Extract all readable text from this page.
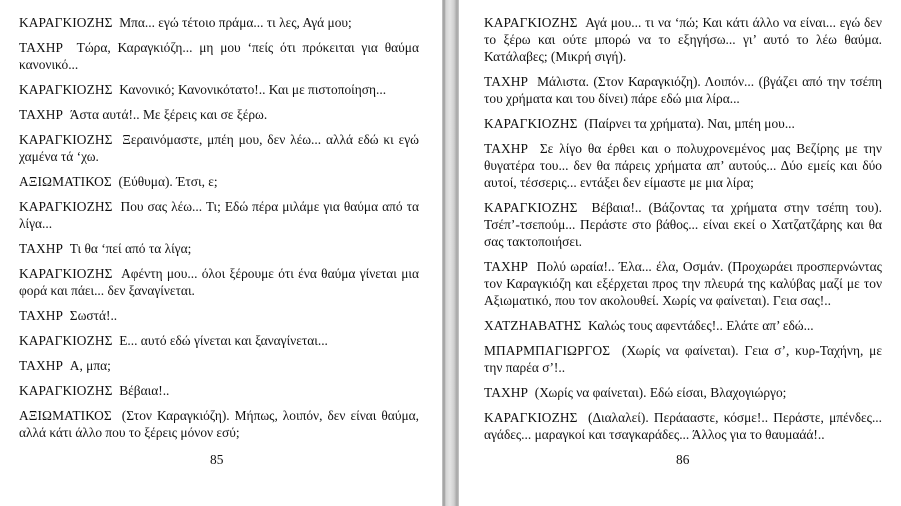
ΚΑΡΑΓΚΙΟΖΗΣ Μπα... εγώ τέτοιο πράμα... τι λες, Αγά μου;

ΤΑΧΗΡ Τώρα, Καραγκιόζη... μη μου ‘πείς ότι πρόκειται για θαύμα κανονικό...

ΚΑΡΑΓΚΙΟΖΗΣ Κανονικό; Κανονικότατο!.. Και με πιστοποίηση...

ΤΑΧΗΡ Άστα αυτά!.. Με ξέρεις και σε ξέρω.

ΚΑΡΑΓΚΙΟΖΗΣ Ξεραινόμαστε, μπέη μου, δεν λέω... αλλά εδώ κι εγώ χαμένα τά ‘χω.

ΑΞΙΩΜΑΤΙΚΟΣ (Εύθυμα). Έτσι, ε;

ΚΑΡΑΓΚΙΟΖΗΣ Που σας λέω... Τι; Εδώ πέρα μιλάμε για θαύμα από τα λίγα...

ΤΑΧΗΡ Τι θα ‘πεί από τα λίγα;

ΚΑΡΑΓΚΙΟΖΗΣ Αφέντη μου... όλοι ξέρουμε ότι ένα θαύμα γίνεται μια φορά και πάει... δεν ξαναγίνεται.

ΤΑΧΗΡ Σωστά!..

ΚΑΡΑΓΚΙΟΖΗΣ Ε... αυτό εδώ γίνεται και ξαναγίνεται...

ΤΑΧΗΡ Α, μπα;

ΚΑΡΑΓΚΙΟΖΗΣ Βέβαια!..

ΑΞΙΩΜΑΤΙΚΟΣ (Στον Καραγκιόζη). Μήπως, λοιπόν, δεν είναι θαύμα, αλλά κάτι άλλο που το ξέρεις μόνον εσύ;

85

ΚΑΡΑΓΚΙΟΖΗΣ Αγά μου... τι να ‘πώ; Και κάτι άλλο να είναι... εγώ δεν το ξέρω και ούτε μπορώ να το εξηγήσω... γι’ αυτό το λέω θαύμα. Κατάλαβες; (Μικρή σιγή).

ΤΑΧΗΡ Μάλιστα. (Στον Καραγκιόζη). Λοιπόν... (βγάζει από την τσέπη του χρήματα και του δίνει) πάρε εδώ μια λίρα...

ΚΑΡΑΓΚΙΟΖΗΣ (Παίρνει τα χρήματα). Ναι, μπέη μου...

ΤΑΧΗΡ Σε λίγο θα έρθει και ο πολυχρονεμένος μας Βεζίρης με την θυγατέρα του... δεν θα πάρεις χρήματα απ’ αυτούς... Δύο εμείς και δύο αυτοί, τέσσερις... εντάξει δεν είμαστε με μια λίρα;

ΚΑΡΑΓΚΙΟΖΗΣ Βέβαια!.. (Βάζοντας τα χρήματα στην τσέπη του). Τσέπ’-τσεπούμ... Περάστε στο βάθος... είναι εκεί ο Χατζατζάρης και θα σας τακτοποιήσει.

ΤΑΧΗΡ Πολύ ωραία!.. Έλα... έλα, Οσμάν. (Προχωράει προσπερνώντας τον Καραγκιόζη και εξέρχεται προς την πλευρά της καλύβας μαζί με τον Αξιωματικό, που τον ακολουθεί. Χωρίς να φαίνεται). Γεια σας!..

ΧΑΤΖΗΑΒΑΤΗΣ Καλώς τους αφεντάδες!.. Ελάτε απ’ εδώ...

ΜΠΑΡΜΠΑΓΙΩΡΓΟΣ (Χωρίς να φαίνεται). Γεια σ’, κυρ-Ταχήνη, με την παρέα σ’!..

ΤΑΧΗΡ (Χωρίς να φαίνεται). Εδώ είσαι, Βλαχογιώργο;

ΚΑΡΑΓΚΙΟΖΗΣ (Διαλαλεί). Περάααστε, κόσμε!.. Περάστε, μπένδες... αγάδες... μαραγκοί και τσαγκαράδες... Άλλος για το θαυμαάά!..

86
